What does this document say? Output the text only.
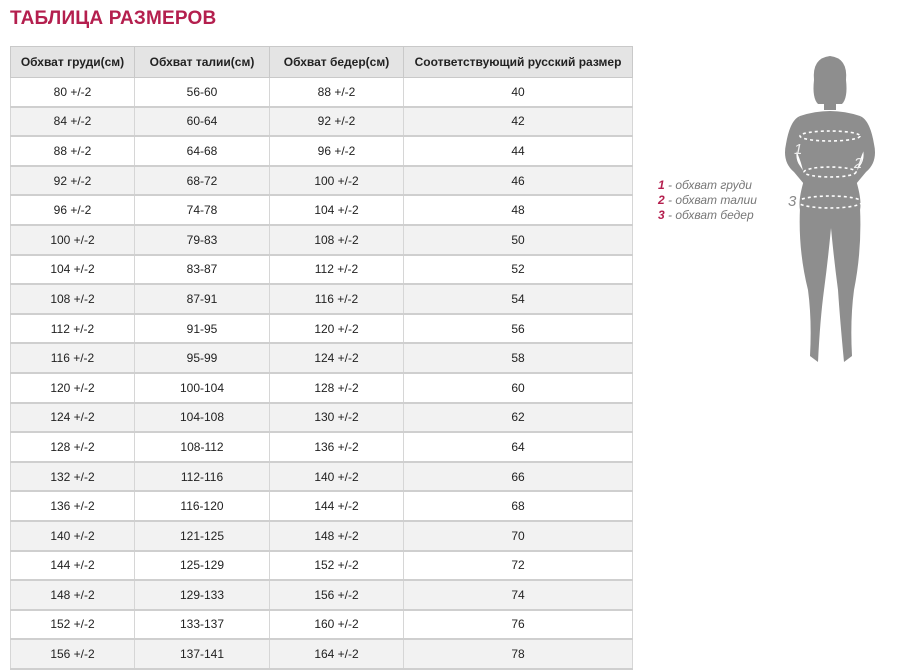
ТАБЛИЦА РАЗМЕРОВ
Обхват груди(см)	Обхват талии(см)	Обхват бедер(см)	Соответствующий русский размер
80 +/-2	56-60	88 +/-2	40
84 +/-2	60-64	92 +/-2	42
88 +/-2	64-68	96 +/-2	44
92 +/-2	68-72	100 +/-2	46
96 +/-2	74-78	104 +/-2	48
100 +/-2	79-83	108 +/-2	50
104 +/-2	83-87	112 +/-2	52
108 +/-2	87-91	116 +/-2	54
112 +/-2	91-95	120 +/-2	56
116 +/-2	95-99	124 +/-2	58
120 +/-2	100-104	128 +/-2	60
124 +/-2	104-108	130 +/-2	62
128 +/-2	108-112	136 +/-2	64
132 +/-2	112-116	140 +/-2	66
136 +/-2	116-120	144 +/-2	68
140 +/-2	121-125	148 +/-2	70
144 +/-2	125-129	152 +/-2	72
148 +/-2	129-133	156 +/-2	74
152 +/-2	133-137	160 +/-2	76
156 +/-2	137-141	164 +/-2	78
1
2
3
1 - обхват груди
2 - обхват талии
3 - обхват бедер
